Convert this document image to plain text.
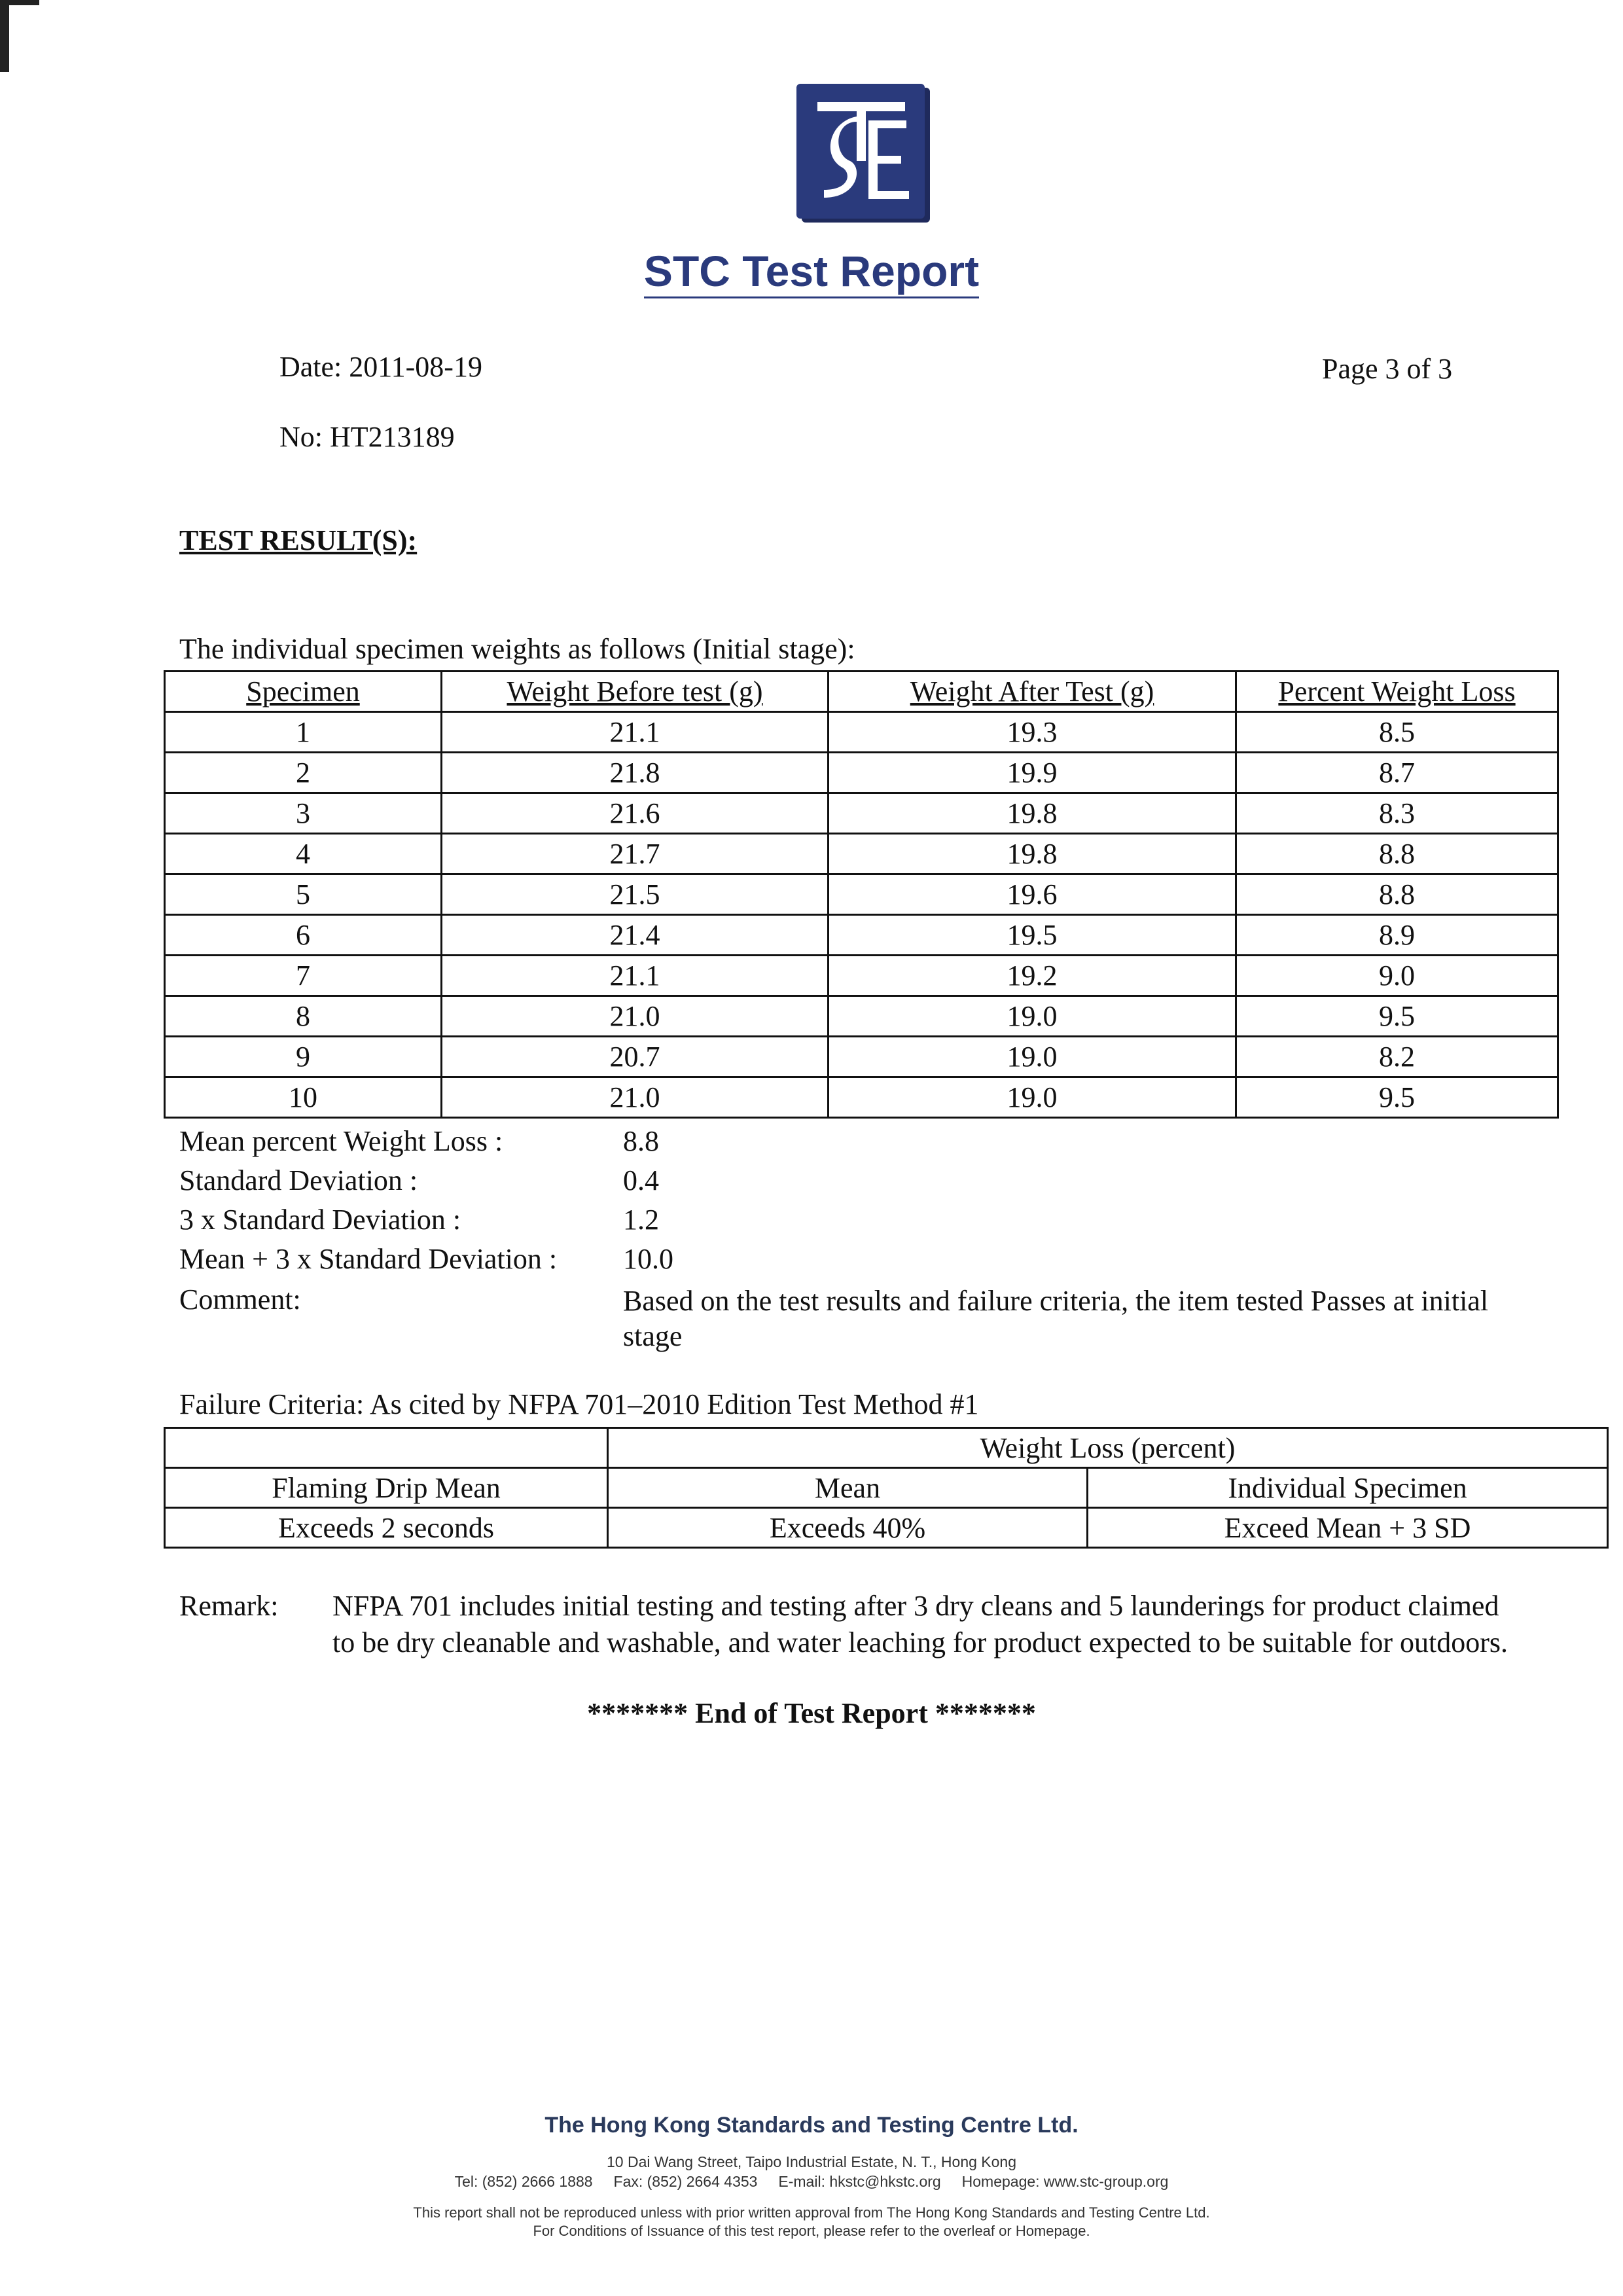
STC Test Report
Date: 2011-08-19	Page 3 of 3
No: HT213189
TEST RESULT(S):
The individual specimen weights as follows (Initial stage):
Specimen	Weight Before test (g)	Weight After Test (g)	Percent Weight Loss
1	21.1	19.3	8.5
2	21.8	19.9	8.7
3	21.6	19.8	8.3
4	21.7	19.8	8.8
5	21.5	19.6	8.8
6	21.4	19.5	8.9
7	21.1	19.2	9.0
8	21.0	19.0	9.5
9	20.7	19.0	8.2
10	21.0	19.0	9.5
Mean percent Weight Loss :	8.8
Standard Deviation :	0.4
3 x Standard Deviation :	1.2
Mean + 3 x Standard Deviation : 10.0
Comment:	Based on the test results and failure criteria, the item tested Passes at initial
stage
Failure Criteria: As cited by NFPA 701–2010 Edition Test Method #1
	Weight Loss (percent)	
Flaming Drip Mean	Mean	Individual Specimen
Exceeds 2 seconds	Exceeds 40%	Exceed Mean + 3 SD
Remark: NFPA 701 includes initial testing and testing after 3 dry cleans and 5 launderings for product claimed
to be dry cleanable and washable, and water leaching for product expected to be suitable for outdoors.
******* End of Test Report *******
The Hong Kong Standards and Testing Centre Ltd.
10 Dai Wang Street, Taipo Industrial Estate, N. T., Hong Kong
Tel: (852) 2666 1888     Fax: (852) 2664 4353     E-mail: hkstc@hkstc.org     Homepage: www.stc-group.org
This report shall not be reproduced unless with prior written approval from The Hong Kong Standards and Testing Centre Ltd.
For Conditions of Issuance of this test report, please refer to the overleaf or Homepage.
